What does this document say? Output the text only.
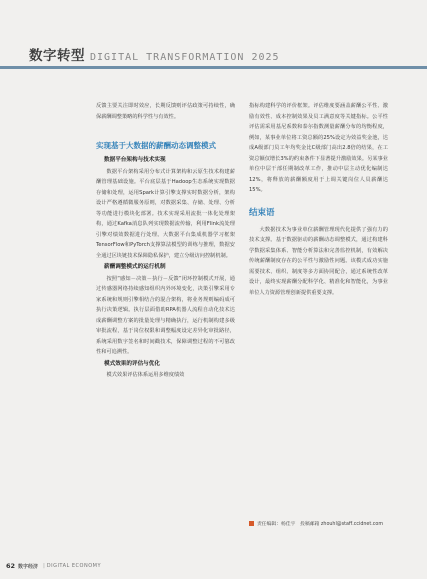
数字转型 DIGITAL TRANSFORMATION 2025

反馈主要关注即时效应，长期反馈则评估政策可持续性，确保薪酬调整策略的科学性与有效性。

实现基于大数据的薪酬动态调整模式
数据平台架构与技术实现

数据平台架构采用分布式计算架构和云原生技术构建薪酬管理基础设施。平台底层基于Hadoop生态系统实现数据存储和处理，运用Spark计算引擎支撑实时数据分析，架构设计严格遵循微服务原则，对数据采集、存储、处理、分析等功能进行模块化部署。技术实现采用流批一体化处理架构，通过Kafka消息队列实现数据流传输，利用Flink流处理引擎对绩效数据进行处理。大数据平台集成机器学习框架TensorFlow和PyTorch支撑算法模型的训练与推理，数据安全通过区块链技术保障隐私保护，建立分级访问控制机制。

薪酬调整模式的运行机制

按照“感知－决策－执行－反馈”闭环控制模式开展，通过传感器网络持续感知组织内外环境变化，决策引擎采用专家系统和规则引擎相结合的混合架构，将业务规则编码成可执行决策逻辑。执行层面借助RPA机器人流程自动化技术达成薪酬调整方案的批量处理与精确执行，运行机制构建多级审批流程，基于岗位权限和调整幅度设定差异化审批路径，系统采用数字签名和时间戳技术，保障调整过程的不可篡改性和可追溯性。

模式效果的评估与优化

模式效果评估体系运用多维度绩效

指标构建科学的评价框架。评估维度要涵盖薪酬公平性、激励有效性、成本控制效果及员工满意度等关键指标。公平性评估需采用基尼系数和泰尔指数测量薪酬分布的均衡程度，例如，某事业单位将工资总额的25%设定为效益奖金池，达成A级部门员工年均奖金比C级部门高出2.8倍的结果，在工资总额仅增长3%的约束条件下显著提升激励效果。另某事业单位中层干部任期制改革工作，推动中层主动优化编制达12%，将释放的薪酬额度用于上调关键岗位人员薪酬达15%。

结束语

大数据技术为事业单位薪酬管理现代化提供了强有力的技术支撑。基于数据驱动的薪酬动态调整模式，通过构建科学数据采集体系、智能分析算法和完善监控机制，有效解决传统薪酬制度存在的公平性与激励性问题。该模式成功实施需要技术、组织、制度等多方面协同配合，通过系统性改革设计，最终实现薪酬分配科学化、精准化和智能化，为事业单位人力资源管理创新提供重要支撑。

责任编辑：杨佳宇　投稿邮箱 zhouhl@staff.ccidnet.com
62 数字经济 | DIGITAL ECONOMY
